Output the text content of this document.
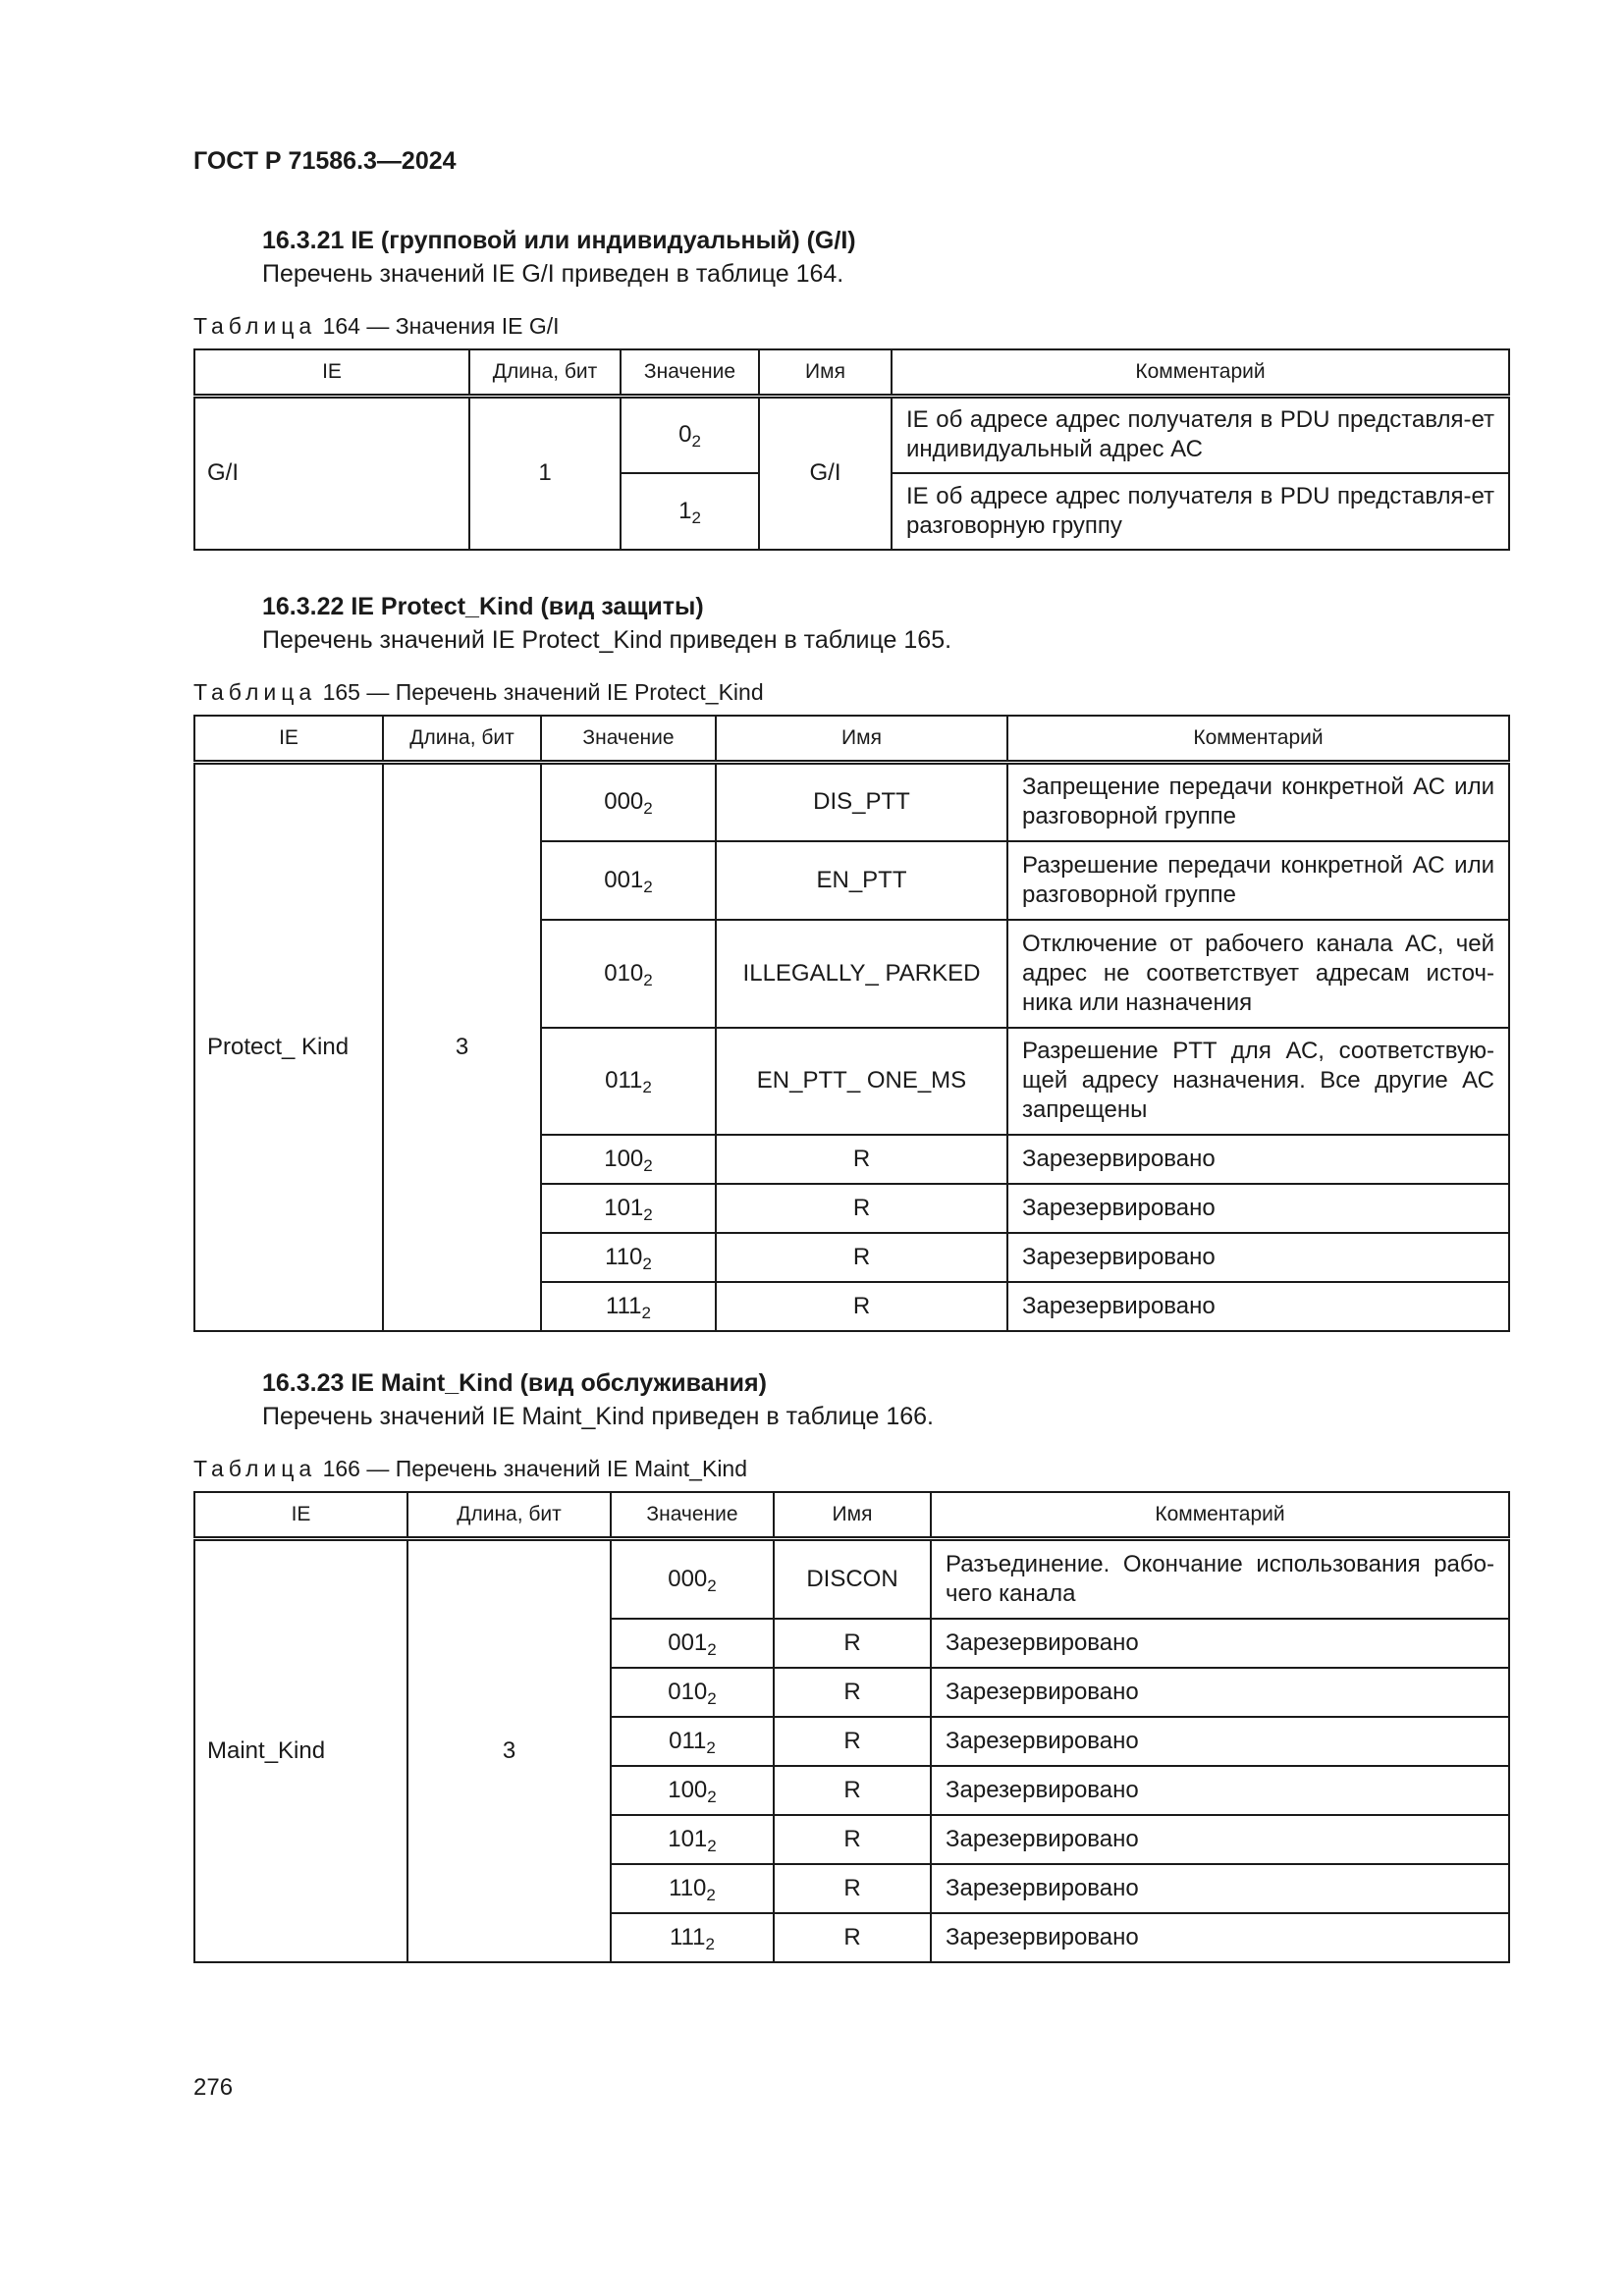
ГОСТ Р 71586.3—2024
16.3.21 IE (групповой или индивидуальный) (G/I)
Перечень значений IE G/I приведен в таблице 164.
Таблица 164 — Значения IE G/I
IE	Длина, бит	Значение	Имя	Комментарий
G/I	1	$0_2$	G/I	IE об адресе адрес получателя в PDU представля-ет индивидуальный адрес АС
		$1_2$		IE об адресе адрес получателя в PDU представля-ет разговорную группу
16.3.22 IE Protect_Kind (вид защиты)
Перечень значений IE Protect_Kind приведен в таблице 165.
Таблица 165 — Перечень значений IE Protect_Kind
IE	Длина, бит	Значение	Имя	Комментарий
Protect_ Kind	3	$000_2$	DIS_PTT	Запрещение передачи конкретной АС или разговорной группе
		$001_2$	EN_PTT	Разрешение передачи конкретной АС или разговорной группе
		$010_2$	ILLEGALLY_ PARKED	Отключение от рабочего канала АС, чей адрес не соответствует адресам источ-ника или назначения
		$011_2$	EN_PTT_ ONE_MS	Разрешение PTT для АС, соответствую-щей адресу назначения. Все другие АС запрещены
		$100_2$	R	Зарезервировано
		$101_2$	R	Зарезервировано
		$110_2$	R	Зарезервировано
		$111_2$	R	Зарезервировано
16.3.23 IE Maint_Kind (вид обслуживания)
Перечень значений IE Maint_Kind приведен в таблице 166.
Таблица 166 — Перечень значений IE Maint_Kind
IE	Длина, бит	Значение	Имя	Комментарий
Maint_Kind	3	$000_2$	DISCON	Разъединение. Окончание использования рабо-чего канала
		$001_2$	R	Зарезервировано
		$010_2$	R	Зарезервировано
		$011_2$	R	Зарезервировано
		$100_2$	R	Зарезервировано
		$101_2$	R	Зарезервировано
		$110_2$	R	Зарезервировано
		$111_2$	R	Зарезервировано
276
